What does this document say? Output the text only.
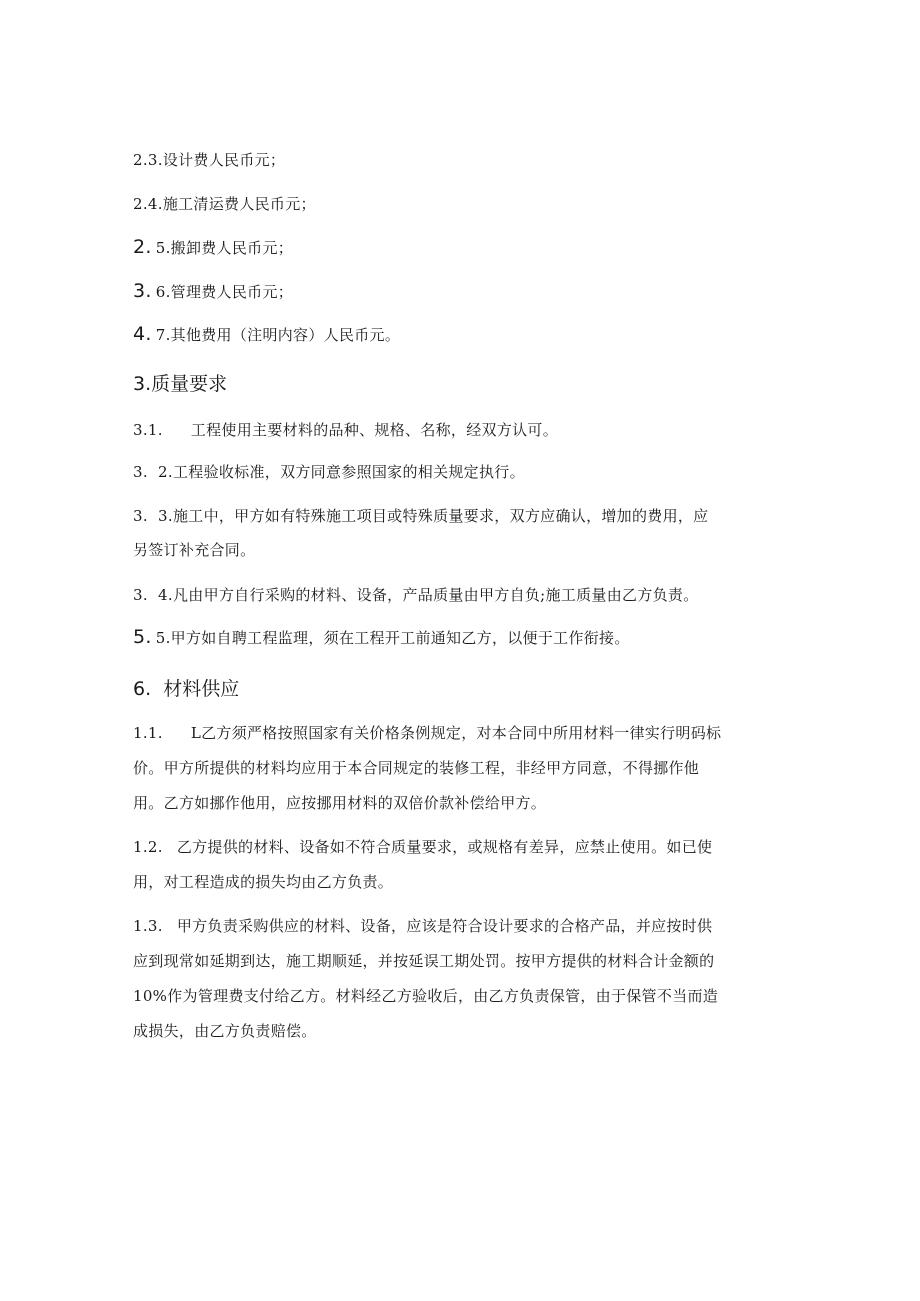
2.3.设计费人民币元；
2.4.施工清运费人民币元；
2. 5.搬卸费人民币元；
3. 6.管理费人民币元；
4. 7.其他费用（注明内容）人民币元。
3.质量要求
3.1. 工程使用主要材料的品种、规格、名称，经双方认可。
3.  2.工程验收标准，双方同意参照国家的相关规定执行。
3.  3.施工中，甲方如有特殊施工项目或特殊质量要求，双方应确认，增加的费用，应
另签订补充合同。
3.  4.凡由甲方自行采购的材料、设备，产品质量由甲方自负;施工质量由乙方负责。
5. 5.甲方如自聘工程监理，须在工程开工前通知乙方，以便于工作衔接。
6.  材料供应
1.1. L乙方须严格按照国家有关价格条例规定，对本合同中所用材料一律实行明码标
价。甲方所提供的材料均应用于本合同规定的装修工程，非经甲方同意，不得挪作他
用。乙方如挪作他用，应按挪用材料的双倍价款补偿给甲方。
1.2. 乙方提供的材料、设备如不符合质量要求，或规格有差异，应禁止使用。如已使
用，对工程造成的损失均由乙方负责。
1.3. 甲方负责采购供应的材料、设备，应该是符合设计要求的合格产品，并应按时供
应到现常如延期到达，施工期顺延，并按延误工期处罚。按甲方提供的材料合计金额的
10%作为管理费支付给乙方。材料经乙方验收后，由乙方负责保管，由于保管不当而造
成损失，由乙方负责赔偿。
